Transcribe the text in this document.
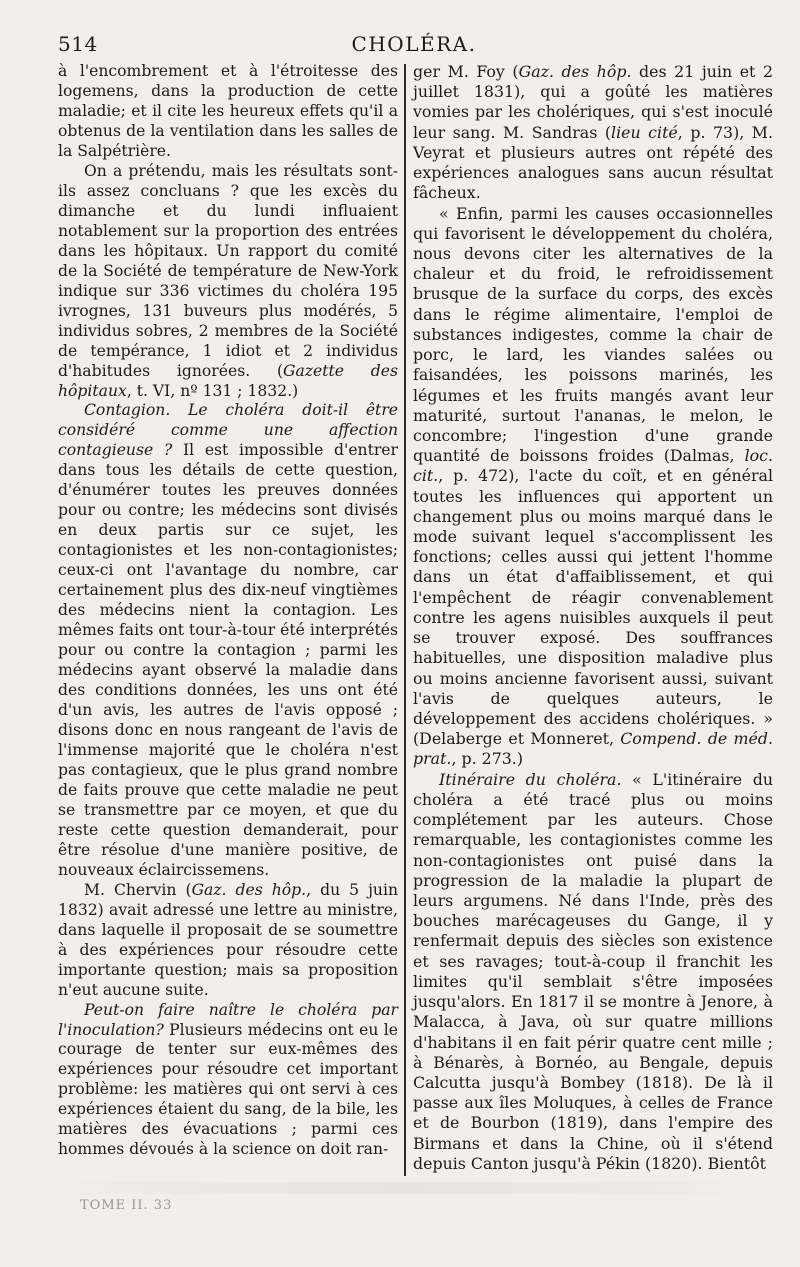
514	CHOLÉRA.

à l'encombrement et à l'étroitesse des logemens, dans la production de cette maladie; et il cite les heureux effets qu'il a obtenus de la ventilation dans les salles de la Salpétrière.

On a prétendu, mais les résultats sont-ils assez concluans ? que les excès du dimanche et du lundi influaient notablement sur la proportion des entrées dans les hôpitaux. Un rapport du comité de la Société de température de New-York indique sur 336 victimes du choléra 195 ivrognes, 131 buveurs plus modérés, 5 individus sobres, 2 membres de la Société de tempérance, 1 idiot et 2 individus d'habitudes ignorées. (Gazette des hôpitaux, t. VI, nº 131 ; 1832.)

Contagion. Le choléra doit-il être considéré comme une affection contagieuse ? Il est impossible d'entrer dans tous les détails de cette question, d'énumérer toutes les preuves données pour ou contre; les médecins sont divisés en deux partis sur ce sujet, les contagionistes et les non-contagionistes; ceux-ci ont l'avantage du nombre, car certainement plus des dix-neuf vingtièmes des médecins nient la contagion. Les mêmes faits ont tour-à-tour été interprétés pour ou contre la contagion ; parmi les médecins ayant observé la maladie dans des conditions données, les uns ont été d'un avis, les autres de l'avis opposé ; disons donc en nous rangeant de l'avis de l'immense majorité que le choléra n'est pas contagieux, que le plus grand nombre de faits prouve que cette maladie ne peut se transmettre par ce moyen, et que du reste cette question demanderait, pour être résolue d'une manière positive, de nouveaux éclaircissemens.

M. Chervin (Gaz. des hôp., du 5 juin 1832) avait adressé une lettre au ministre, dans laquelle il proposait de se soumettre à des expériences pour résoudre cette importante question; mais sa proposition n'eut aucune suite.

Peut-on faire naître le choléra par l'inoculation? Plusieurs médecins ont eu le courage de tenter sur eux-mêmes des expériences pour résoudre cet important problème: les matières qui ont servi à ces expériences étaient du sang, de la bile, les matières des évacuations ; parmi ces hommes dévoués à la science on doit ran-

ger M. Foy (Gaz. des hôp. des 21 juin et 2 juillet 1831), qui a goûté les matières vomies par les cholériques, qui s'est inoculé leur sang. M. Sandras (lieu cité, p. 73), M. Veyrat et plusieurs autres ont répété des expériences analogues sans aucun résultat fâcheux.

« Enfin, parmi les causes occasionnelles qui favorisent le développement du choléra, nous devons citer les alternatives de la chaleur et du froid, le refroidissement brusque de la surface du corps, des excès dans le régime alimentaire, l'emploi de substances indigestes, comme la chair de porc, le lard, les viandes salées ou faisandées, les poissons marinés, les légumes et les fruits mangés avant leur maturité, surtout l'ananas, le melon, le concombre; l'ingestion d'une grande quantité de boissons froides (Dalmas, loc. cit., p. 472), l'acte du coït, et en général toutes les influences qui apportent un changement plus ou moins marqué dans le mode suivant lequel s'accomplissent les fonctions; celles aussi qui jettent l'homme dans un état d'affaiblissement, et qui l'empêchent de réagir convenablement contre les agens nuisibles auxquels il peut se trouver exposé. Des souffrances habituelles, une disposition maladive plus ou moins ancienne favorisent aussi, suivant l'avis de quelques auteurs, le développement des accidens cholériques. » (Delaberge et Monneret, Compend. de méd. prat., p. 273.)

Itinéraire du choléra. « L'itinéraire du choléra a été tracé plus ou moins complétement par les auteurs. Chose remarquable, les contagionistes comme les non-contagionistes ont puisé dans la progression de la maladie la plupart de leurs argumens. Né dans l'Inde, près des bouches marécageuses du Gange, il y renfermait depuis des siècles son existence et ses ravages; tout-à-coup il franchit les limites qu'il semblait s'être imposées jusqu'alors. En 1817 il se montre à Jenore, à Malacca, à Java, où sur quatre millions d'habitans il en fait périr quatre cent mille ; à Bénarès, à Bornéo, au Bengale, depuis Calcutta jusqu'à Bombey (1818). De là il passe aux îles Moluques, à celles de France et de Bourbon (1819), dans l'empire des Birmans et dans la Chine, où il s'étend depuis Canton jusqu'à Pékin (1820). Bientôt

TOME II. 33
